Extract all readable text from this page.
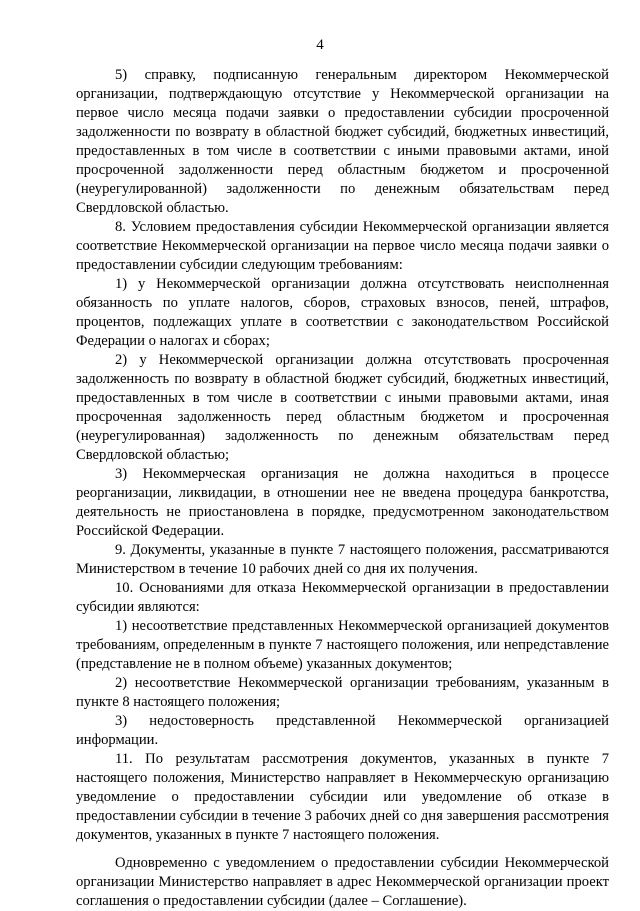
4

5) справку, подписанную генеральным директором Некоммерческой организации, подтверждающую отсутствие у Некоммерческой организации на первое число месяца подачи заявки о предоставлении субсидии просроченной задолженности по возврату в областной бюджет субсидий, бюджетных инвестиций, предоставленных в том числе в соответствии с иными правовыми актами, иной просроченной задолженности перед областным бюджетом и просроченной (неурегулированной) задолженности по денежным обязательствам перед Свердловской областью.

8. Условием предоставления субсидии Некоммерческой организации является соответствие Некоммерческой организации на первое число месяца подачи заявки о предоставлении субсидии следующим требованиям:

1) у Некоммерческой организации должна отсутствовать неисполненная обязанность по уплате налогов, сборов, страховых взносов, пеней, штрафов, процентов, подлежащих уплате в соответствии с законодательством Российской Федерации о налогах и сборах;

2) у Некоммерческой организации должна отсутствовать просроченная задолженность по возврату в областной бюджет субсидий, бюджетных инвестиций, предоставленных в том числе в соответствии с иными правовыми актами, иная просроченная задолженность перед областным бюджетом и просроченная (неурегулированная) задолженность по денежным обязательствам перед Свердловской областью;

3) Некоммерческая организация не должна находиться в процессе реорганизации, ликвидации, в отношении нее не введена процедура банкротства, деятельность не приостановлена в порядке, предусмотренном законодательством Российской Федерации.

9. Документы, указанные в пункте 7 настоящего положения, рассматриваются Министерством в течение 10 рабочих дней со дня их получения.

10. Основаниями для отказа Некоммерческой организации в предоставлении субсидии являются:

1) несоответствие представленных Некоммерческой организацией документов требованиям, определенным в пункте 7 настоящего положения, или непредставление (представление не в полном объеме) указанных документов;

2) несоответствие Некоммерческой организации требованиям, указанным в пункте 8 настоящего положения;

3) недостоверность представленной Некоммерческой организацией информации.

11. По результатам рассмотрения документов, указанных в пункте 7 настоящего положения, Министерство направляет в Некоммерческую организацию уведомление о предоставлении субсидии или уведомление об отказе в предоставлении субсидии в течение 3 рабочих дней со дня завершения рассмотрения документов, указанных в пункте 7 настоящего положения.

Одновременно с уведомлением о предоставлении субсидии Некоммерческой организации Министерство направляет в адрес Некоммерческой организации проект соглашения о предоставлении субсидии (далее – Соглашение).
